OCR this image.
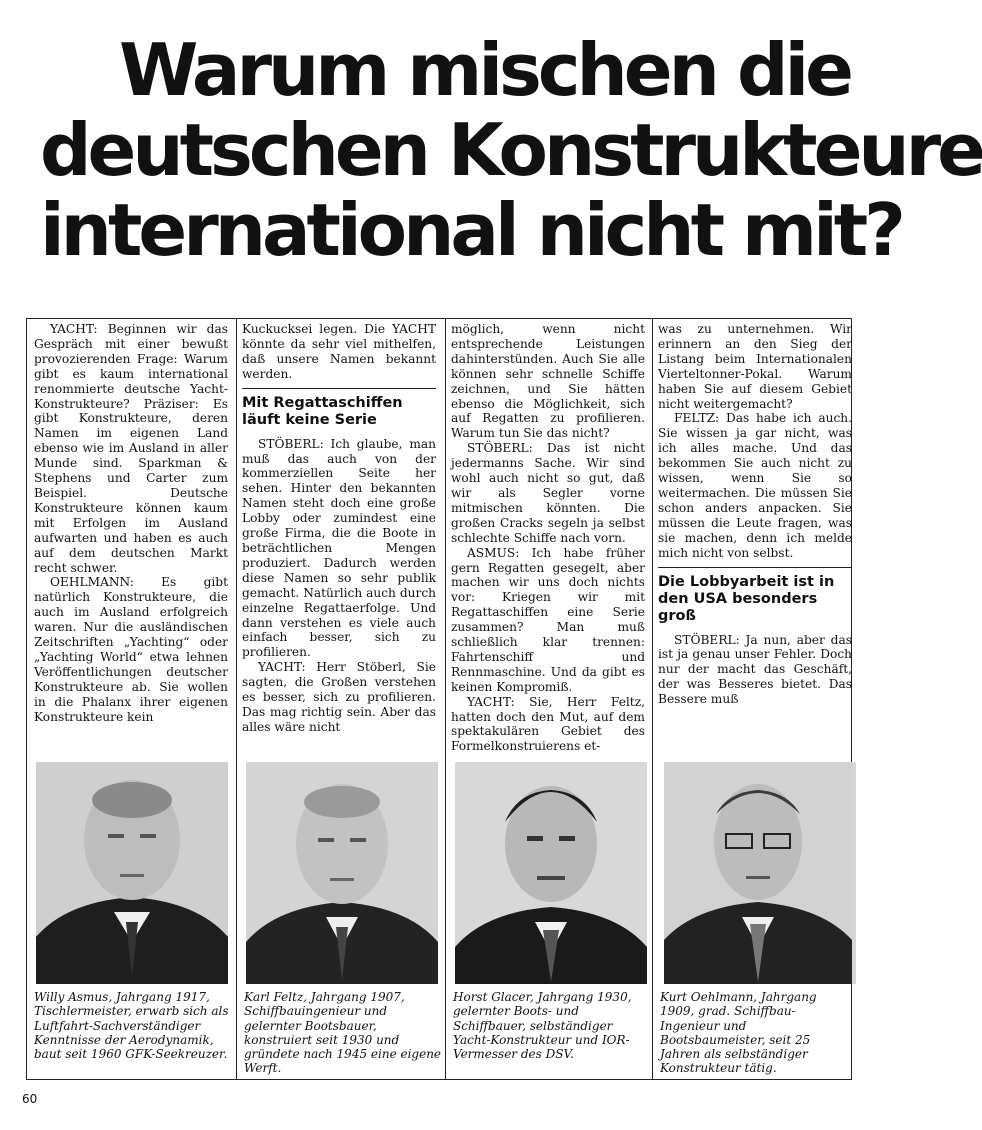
Warum mischen die
deutschen Konstrukteure
international nicht mit?

YACHT: Beginnen wir das Gespräch mit einer bewußt provozierenden Frage: Warum gibt es kaum international renommierte deutsche Yacht-Konstrukteure? Präziser: Es gibt Konstrukteure, deren Namen im eigenen Land ebenso wie im Ausland in aller Munde sind. Sparkman & Stephens und Carter zum Beispiel. Deutsche Konstrukteure können kaum mit Erfolgen im Ausland aufwarten und haben es auch auf dem deutschen Markt recht schwer.

OEHLMANN: Es gibt natürlich Konstrukteure, die auch im Ausland erfolgreich waren. Nur die ausländischen Zeitschriften „Yachting“ oder „Yachting World“ etwa lehnen Veröffentlichungen deutscher Konstrukteure ab. Sie wollen in die Phalanx ihrer eigenen Konstrukteure kein

Kuckucksei legen. Die YACHT könnte da sehr viel mithelfen, daß unsere Namen bekannt werden.

Mit Regattaschiffen läuft keine Serie

STÖBERL: Ich glaube, man muß das auch von der kommerziellen Seite her sehen. Hinter den bekannten Namen steht doch eine große Lobby oder zumindest eine große Firma, die die Boote in beträchtlichen Mengen produziert. Dadurch werden diese Namen so sehr publik gemacht. Natürlich auch durch einzelne Regattaerfolge. Und dann verstehen es viele auch einfach besser, sich zu profilieren.

YACHT: Herr Stöberl, Sie sagten, die Großen verstehen es besser, sich zu profilieren. Das mag richtig sein. Aber das alles wäre nicht

möglich, wenn nicht entsprechende Leistungen dahinterstünden. Auch Sie alle können sehr schnelle Schiffe zeichnen, und Sie hätten ebenso die Möglichkeit, sich auf Regatten zu profilieren. Warum tun Sie das nicht?

STÖBERL: Das ist nicht jedermanns Sache. Wir sind wohl auch nicht so gut, daß wir als Segler vorne mitmischen könnten. Die großen Cracks segeln ja selbst schlechte Schiffe nach vorn.

ASMUS: Ich habe früher gern Regatten gesegelt, aber machen wir uns doch nichts vor: Kriegen wir mit Regattaschiffen eine Serie zusammen? Man muß schließlich klar trennen: Fahrtenschiff und Rennmaschine. Und da gibt es keinen Kompromiß.

YACHT: Sie, Herr Feltz, hatten doch den Mut, auf dem spektakulären Gebiet des Formelkonstruierens et-

was zu unternehmen. Wir erinnern an den Sieg der Listang beim Internationalen Vierteltonner-Pokal. Warum haben Sie auf diesem Gebiet nicht weitergemacht?

FELTZ: Das habe ich auch. Sie wissen ja gar nicht, was ich alles mache. Und das bekommen Sie auch nicht zu wissen, wenn Sie so weitermachen. Die müssen Sie schon anders anpacken. Sie müssen die Leute fragen, was sie machen, denn ich melde mich nicht von selbst.

Die Lobbyarbeit ist in den USA besonders groß

STÖBERL: Ja nun, aber das ist ja genau unser Fehler. Doch nur der macht das Geschäft, der was Besseres bietet. Das Bessere muß

Willy Asmus, Jahrgang 1917, Tischlermeister, erwarb sich als Luftfahrt-Sachverständiger Kenntnisse der Aerodynamik, baut seit 1960 GFK-Seekreuzer.
Karl Feltz, Jahrgang 1907, Schiffbauingenieur und gelernter Bootsbauer, konstruiert seit 1930 und gründete nach 1945 eine eigene Werft.
Horst Glacer, Jahrgang 1930, gelernter Boots- und Schiffbauer, selbständiger Yacht-Konstrukteur und IOR-Vermesser des DSV.
Kurt Oehlmann, Jahrgang 1909, grad. Schiffbau-Ingenieur und Bootsbaumeister, seit 25 Jahren als selbständiger Konstrukteur tätig.
60
